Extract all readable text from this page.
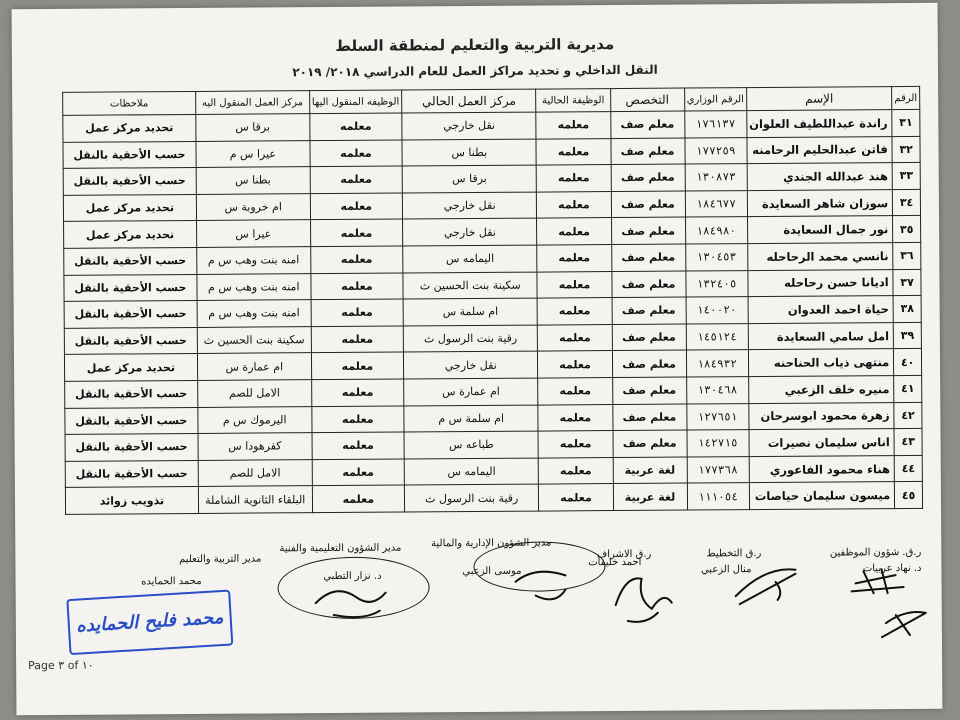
مديرية التربية والتعليم لمنطقة السلط
النقل الداخلي و تحديد مراكز العمل للعام الدراسي ٢٠١٨/ ٢٠١٩
الرقم	الإسم	الرقم الوزاري	التخصص	الوظيفة الحالية	مركز العمل الحالي	الوظيفه المنقول اليها	مركز العمل المنقول اليه	ملاحظات
٣١	راندة عبداللطيف العلوان	١٧٦١٣٧	معلم صف	معلمه	نقل خارجي	معلمه	برقا س	تحديد مركز عمل
٣٢	فاتن عبدالحليم الرحامنه	١٧٧٢٥٩	معلم صف	معلمه	بطنا س	معلمه	عيرا س م	حسب الأحقية بالنقل
٣٣	هند عبدالله الجندي	١٣٠٨٧٣	معلم صف	معلمه	برقا س	معلمه	بطنا س	حسب الأحقية بالنقل
٣٤	سوزان شاهر السعايدة	١٨٤٦٧٧	معلم صف	معلمه	نقل خارجي	معلمه	ام خروبة س	تحديد مركز عمل
٣٥	نور جمال السعايدة	١٨٤٩٨٠	معلم صف	معلمه	نقل خارجي	معلمه	عيرا س	تحديد مركز عمل
٣٦	نانسي محمد الرحاحله	١٣٠٤٥٣	معلم صف	معلمه	اليمامه س	معلمه	امنه بنت وهب س م	حسب الأحقية بالنقل
٣٧	اديانا حسن رحاحله	١٣٢٤٠٥	معلم صف	معلمه	سكينة بنت الحسين ث	معلمه	امنه بنت وهب س م	حسب الأحقية بالنقل
٣٨	حياة احمد العدوان	١٤٠٠٢٠	معلم صف	معلمه	ام سلمة س	معلمه	امنه بنت وهب س م	حسب الأحقية بالنقل
٣٩	امل سامي السعايدة	١٤٥١٢٤	معلم صف	معلمه	رقية بنت الرسول ث	معلمه	سكينة بنت الحسين ث	حسب الأحقية بالنقل
٤٠	منتهى ذياب الحناحنه	١٨٤٩٣٢	معلم صف	معلمه	نقل خارجي	معلمه	ام عمارة س	تحديد مركز عمل
٤١	منيره خلف الزعبي	١٣٠٤٦٨	معلم صف	معلمه	ام عمارة س	معلمه	الامل للصم	حسب الأحقية بالنقل
٤٢	زهرة محمود ابوسرحان	١٢٧٦٥١	معلم صف	معلمه	ام سلمة س م	معلمه	اليرموك س م	حسب الأحقية بالنقل
٤٣	اناس سليمان نصيرات	١٤٢٧١٥	معلم صف	معلمه	طباعه س	معلمه	كفرهودا س	حسب الأحقية بالنقل
٤٤	هناء محمود الفاعوري	١٧٧٣٦٨	لغة عربية	معلمه	اليمامه س	معلمه	الامل للصم	حسب الأحقية بالنقل
٤٥	ميسون سليمان حياصات	١١١٠٥٤	لغة عربية	معلمه	رقية بنت الرسول ث	معلمه	البلقاء الثانوية الشاملة	تذويب زوائد
ر.ق. شؤون الموظفين
ر.ق التخطيط
ر.ق الاشراف
مدير الشؤون الإدارية والمالية
مدير الشؤون التعليمية والفنية
مدير التربية والتعليم
د. نهاد عربيات
منال الزعبي
احمد خليفات
موسى الزعبي
د. نزار التطبي
محمد الحمايده
محمد فليح الحمايده
Page ٣ of ١٠
